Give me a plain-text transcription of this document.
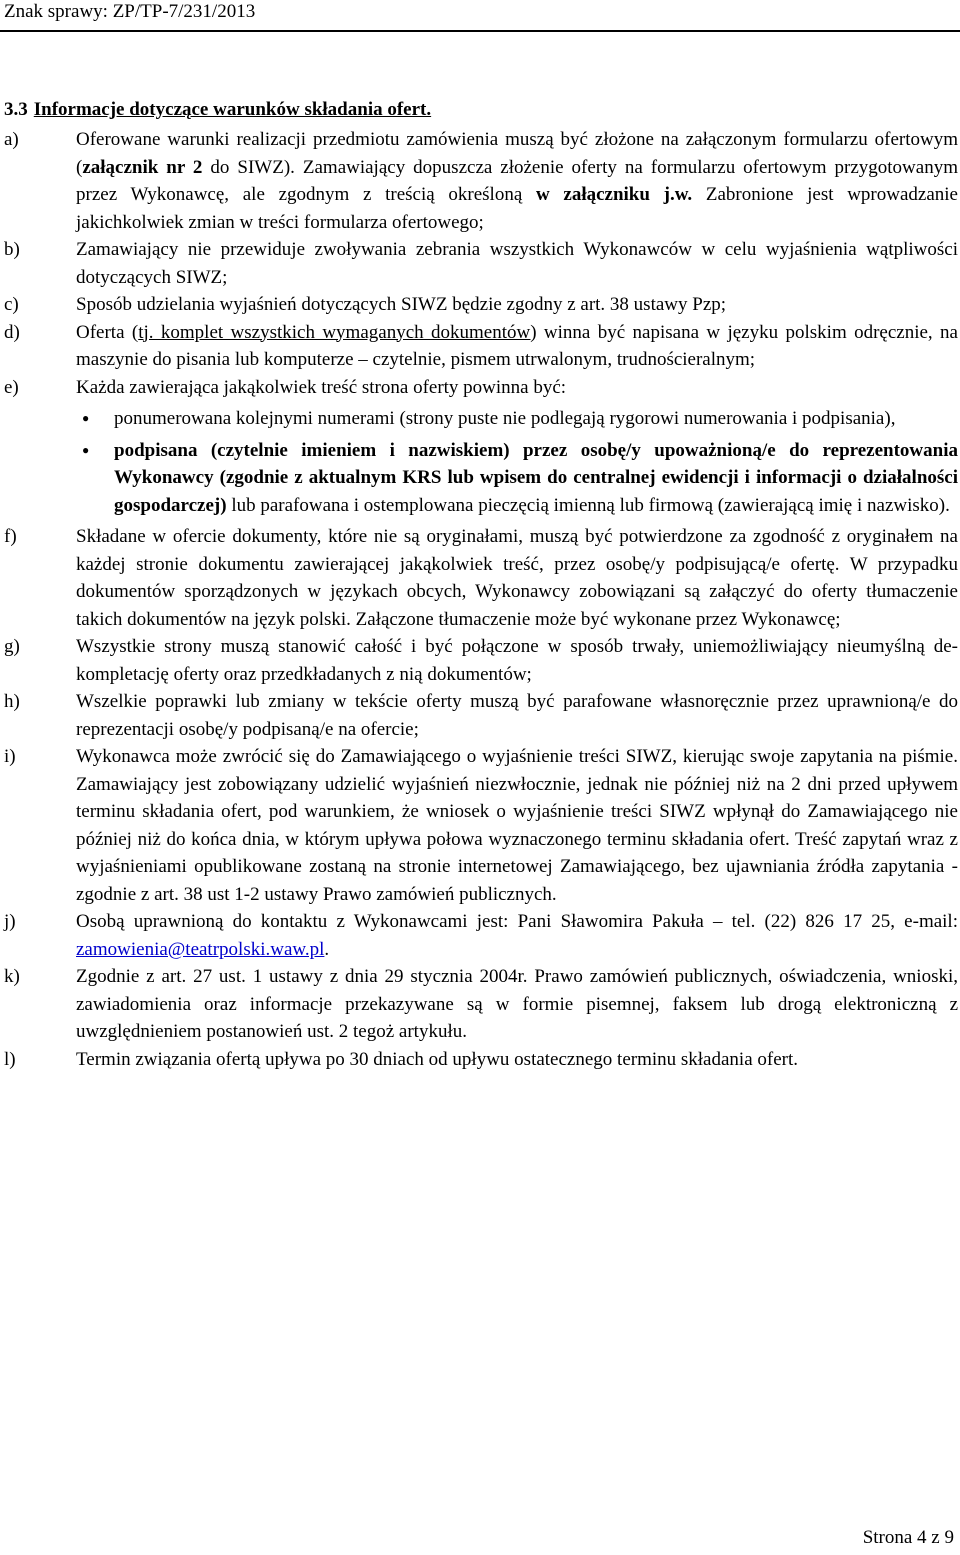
Znak sprawy: ZP/TP-7/231/2013
3.3 Informacje dotyczące warunków składania ofert.
a)	Oferowane warunki realizacji przedmiotu zamówienia muszą być złożone na załączonym formularzu ofertowym (załącznik nr 2 do SIWZ). Zamawiający dopuszcza złożenie oferty na formularzu ofertowym przygotowanym przez Wykonawcę, ale zgodnym z treścią określoną w załączniku j.w. Zabronione jest wprowadzanie jakichkolwiek zmian w treści formularza ofertowego;
b)	Zamawiający nie przewiduje zwoływania zebrania wszystkich Wykonawców w celu wyjaśnienia wątpliwości dotyczących SIWZ;
c)	Sposób udzielania wyjaśnień dotyczących SIWZ będzie zgodny z art. 38 ustawy Pzp;
d)	Oferta (tj. komplet wszystkich wymaganych dokumentów) winna być napisana w języku polskim odręcznie, na maszynie do pisania lub komputerze – czytelnie, pismem utrwalonym, trudnościeralnym;
e)	Każda zawierająca jakąkolwiek treść strona oferty powinna być:
●	ponumerowana kolejnymi numerami (strony puste nie podlegają rygorowi numerowania i podpisania),
●	podpisana (czytelnie imieniem i nazwiskiem) przez osobę/y upoważnioną/e do reprezentowania Wykonawcy (zgodnie z aktualnym KRS lub wpisem do centralnej ewidencji i informacji o działalności gospodarczej) lub parafowana i ostemplowana pieczęcią imienną lub firmową (zawierającą imię i nazwisko).
f)	Składane w ofercie dokumenty, które nie są oryginałami, muszą być potwierdzone za zgodność z oryginałem na każdej stronie dokumentu zawierającej jakąkolwiek treść, przez osobę/y podpisującą/e ofertę. W przypadku dokumentów sporządzonych w językach obcych, Wykonawcy zobowiązani są załączyć do oferty tłumaczenie takich dokumentów na język polski. Załączone tłumaczenie może być wykonane przez Wykonawcę;
g)	Wszystkie strony muszą stanowić całość i być połączone w sposób trwały, uniemożliwiający nieumyślną de-kompletację oferty oraz przedkładanych z nią dokumentów;
h)	Wszelkie poprawki lub zmiany w tekście oferty muszą być parafowane własnoręcznie przez uprawnioną/e do reprezentacji osobę/y podpisaną/e na ofercie;
i)	Wykonawca może zwrócić się do Zamawiającego o wyjaśnienie treści SIWZ, kierując swoje zapytania na piśmie. Zamawiający jest zobowiązany udzielić wyjaśnień niezwłocznie, jednak nie później niż na 2 dni przed upływem terminu składania ofert, pod warunkiem, że wniosek o wyjaśnienie treści SIWZ wpłynął do Zamawiającego nie później niż do końca dnia, w którym upływa połowa wyznaczonego terminu składania ofert. Treść zapytań wraz z wyjaśnieniami opublikowane zostaną na stronie internetowej Zamawiającego, bez ujawniania źródła zapytania - zgodnie z art. 38 ust 1-2 ustawy Prawo zamówień publicznych.
j)	Osobą uprawnioną do kontaktu z Wykonawcami jest: Pani Sławomira Pakuła – tel. (22) 826 17 25, e-mail: zamowienia@teatrpolski.waw.pl.
k)	Zgodnie z art. 27 ust. 1 ustawy z dnia 29 stycznia 2004r. Prawo zamówień publicznych, oświadczenia, wnioski, zawiadomienia oraz informacje przekazywane są w formie pisemnej, faksem lub drogą elektroniczną z uwzględnieniem postanowień ust. 2 tegoż artykułu.
l)	Termin związania ofertą upływa po 30 dniach od upływu ostatecznego terminu składania ofert.
Strona 4 z 9
